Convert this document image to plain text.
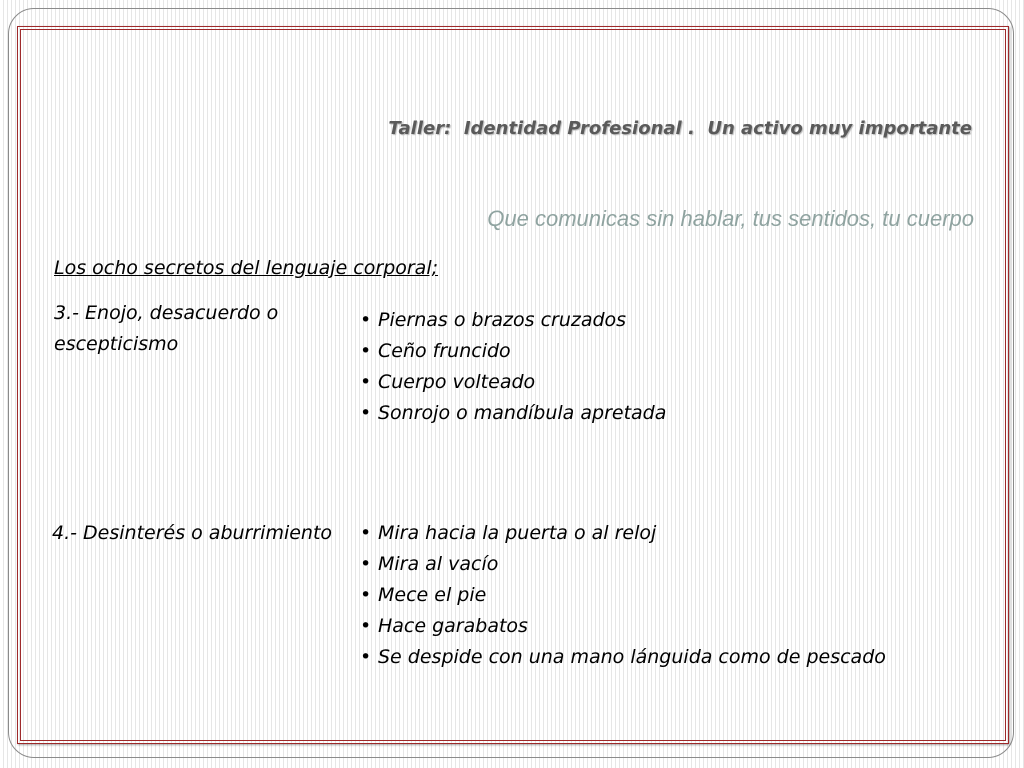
Taller:  Identidad Profesional .  Un activo muy importante
Que comunicas sin hablar, tus sentidos, tu cuerpo
Los ocho secretos del lenguaje corporal;
3.- Enojo, desacuerdo o escepticismo
• Piernas o brazos cruzados
• Ceño fruncido
• Cuerpo volteado
• Sonrojo o mandíbula apretada
4.- Desinterés o aburrimiento • Mira hacia la puerta o al reloj
• Mira al vacío
• Mece el pie
• Hace garabatos
• Se despide con una mano lánguida como de pescado
